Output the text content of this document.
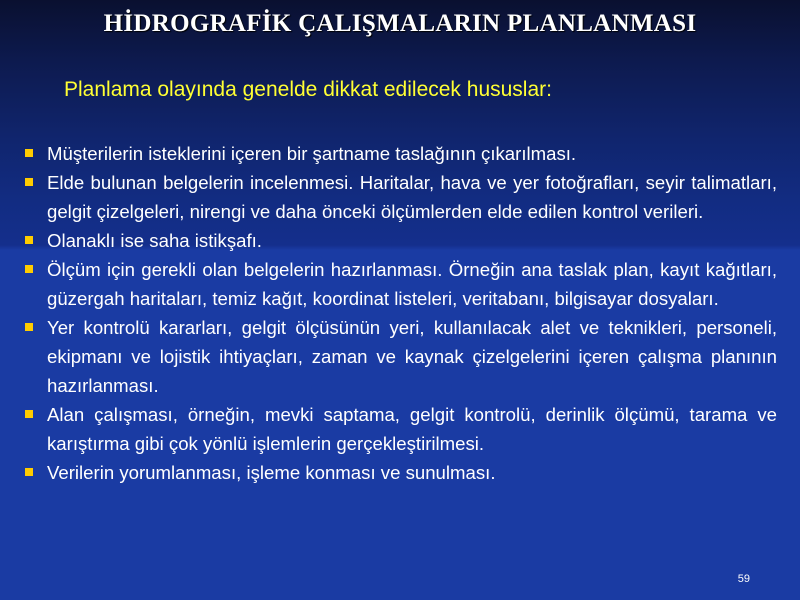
HİDROGRAFİK ÇALIŞMALARIN PLANLANMASI
Planlama olayında genelde dikkat edilecek hususlar:
Müşterilerin isteklerini içeren bir şartname taslağının çıkarılması.
Elde bulunan belgelerin incelenmesi. Haritalar, hava ve yer fotoğrafları, seyir talimatları, gelgit çizelgeleri, nirengi ve daha önceki ölçümlerden elde edilen kontrol verileri.
Olanaklı ise saha istikşafı.
Ölçüm için gerekli olan belgelerin hazırlanması. Örneğin ana taslak plan, kayıt kağıtları, güzergah haritaları, temiz kağıt, koordinat listeleri, veritabanı, bilgisayar dosyaları.
Yer kontrolü kararları, gelgit ölçüsünün yeri, kullanılacak alet ve teknikleri, personeli, ekipmanı ve lojistik ihtiyaçları, zaman ve kaynak çizelgelerini içeren çalışma planının hazırlanması.
Alan çalışması, örneğin, mevki saptama, gelgit kontrolü, derinlik ölçümü, tarama ve karıştırma gibi çok yönlü işlemlerin gerçekleştirilmesi.
Verilerin yorumlanması, işleme konması ve sunulması.
59
